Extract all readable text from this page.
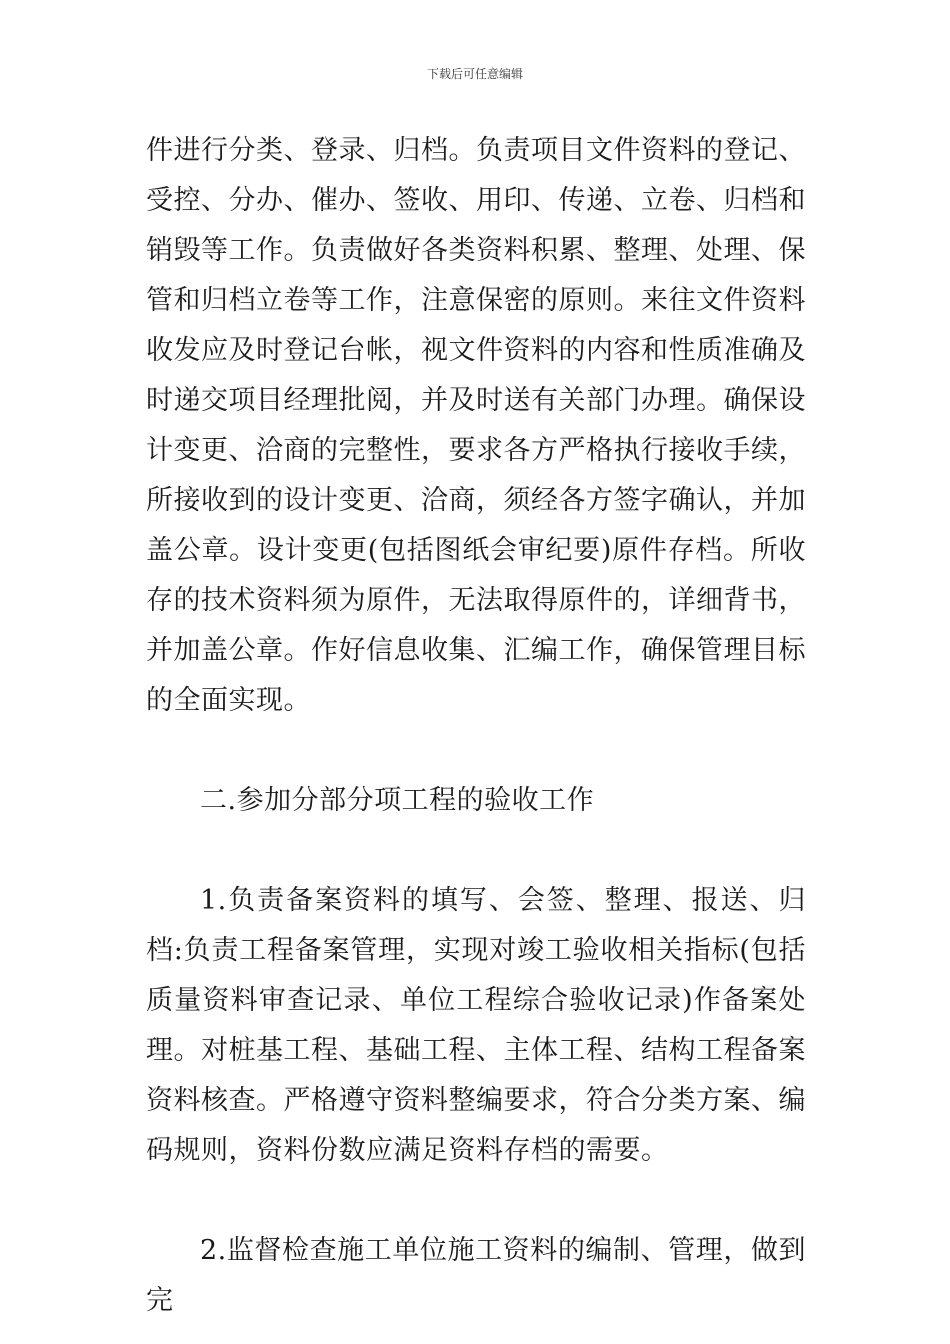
下载后可任意编辑

件进行分类、登录、归档。负责项目文件资料的登记、受控、分办、催办、签收、用印、传递、立卷、归档和销毁等工作。负责做好各类资料积累、整理、处理、保管和归档立卷等工作，注意保密的原则。来往文件资料收发应及时登记台帐，视文件资料的内容和性质准确及时递交项目经理批阅，并及时送有关部门办理。确保设计变更、洽商的完整性，要求各方严格执行接收手续，所接收到的设计变更、洽商，须经各方签字确认，并加盖公章。设计变更(包括图纸会审纪要)原件存档。所收存的技术资料须为原件，无法取得原件的，详细背书，并加盖公章。作好信息收集、汇编工作，确保管理目标的全面实现。

二.参加分部分项工程的验收工作

1.负责备案资料的填写、会签、整理、报送、归档:负责工程备案管理，实现对竣工验收相关指标(包括质量资料审查记录、单位工程综合验收记录)作备案处理。对桩基工程、基础工程、主体工程、结构工程备案资料核查。严格遵守资料整编要求，符合分类方案、编码规则，资料份数应满足资料存档的需要。

2.监督检查施工单位施工资料的编制、管理，做到完
